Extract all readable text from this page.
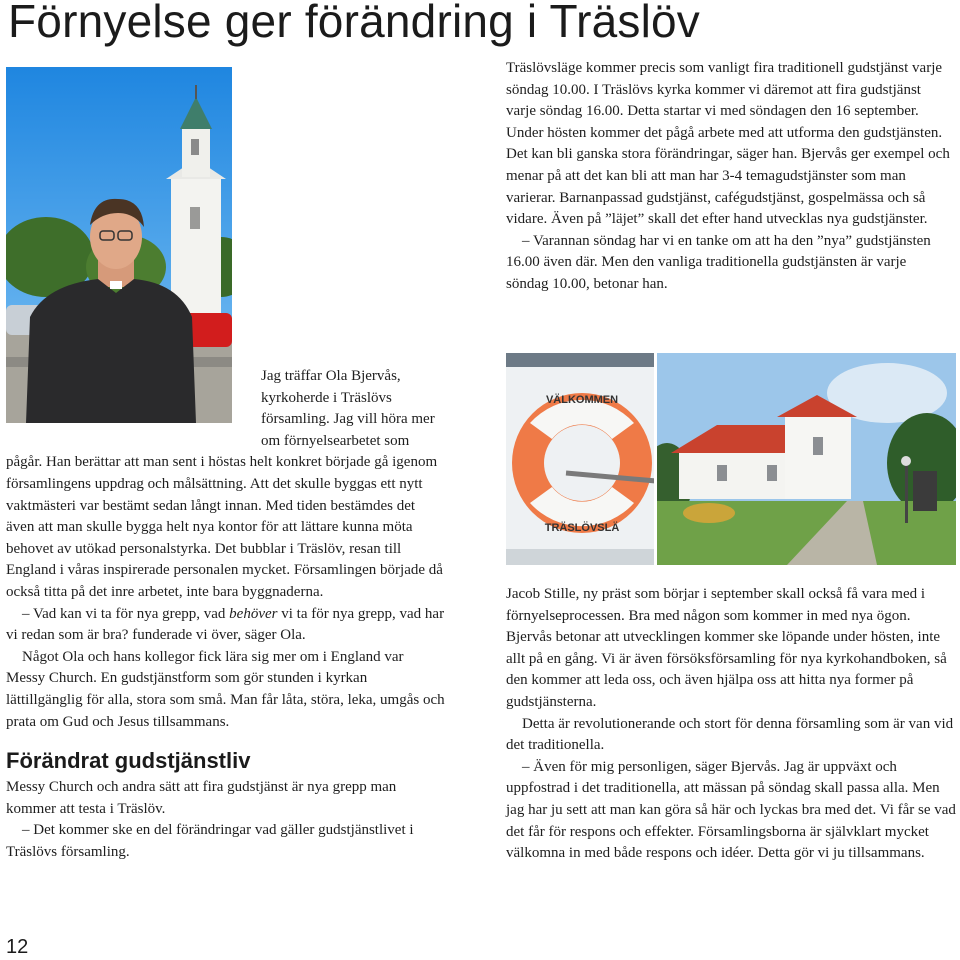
Förnyelse ger förändring i Träslöv
VÄLKOMMEN
TRÄSLÖVSLÄ

Träslövsläge kommer precis som vanligt fira traditionell gudstjänst varje söndag 10.00. I Träslövs kyrka kommer vi däremot att fira gudstjänst varje söndag 16.00. Detta startar vi med söndagen den 16 september. Under hösten kommer det pågå arbete med att utforma den gudstjänsten. Det kan bli ganska stora förändringar, säger han. Bjervås ger exempel och menar på att det kan bli att man har 3-4 temagudstjänster som man varierar. Barnanpassad gudstjänst, cafégudstjänst, gospelmässa och så vidare. Även på ”läjet” skall det efter hand utvecklas nya gudstjänster.

– Varannan söndag har vi en tanke om att ha den ”nya” gudstjänsten 16.00 även där. Men den vanliga traditionella gudstjänsten är varje söndag 10.00, betonar han.

Jag träffar Ola Bjervås, kyrkoherde i Träslövs församling. Jag vill höra mer om förnyelsearbetet som pågår. Han berättar att man sent i höstas helt konkret började gå igenom församlingens uppdrag och målsättning. Att det skulle byggas ett nytt vaktmästeri var bestämt sedan långt innan. Med tiden bestämdes det även att man skulle bygga helt nya kontor för att lättare kunna möta behovet av utökad personalstyrka. Det bubblar i Träslöv, resan till England i våras inspirerade personalen mycket. Församlingen började då också titta på det inre arbetet, inte bara byggnaderna.

– Vad kan vi ta för nya grepp, vad behöver vi ta för nya grepp, vad har vi redan som är bra? funderade vi över, säger Ola.

Något Ola och hans kollegor fick lära sig mer om i England var Messy Church. En gudstjänstform som gör stunden i kyrkan lättillgänglig för alla, stora som små. Man får låta, störa, leka, umgås och prata om Gud och Jesus tillsammans.

Förändrat gudstjänstliv

Messy Church och andra sätt att fira gudstjänst är nya grepp man kommer att testa i Träslöv.

– Det kommer ske en del förändringar vad gäller gudstjänstlivet i Träslövs församling.

Jacob Stille, ny präst som börjar i september skall också få vara med i förnyelseprocessen. Bra med någon som kommer in med nya ögon. Bjervås betonar att utvecklingen kommer ske löpande under hösten, inte allt på en gång. Vi är även försöksförsamling för nya kyrkohandboken, så den kommer att leda oss, och även hjälpa oss att hitta nya former på gudstjänsterna.

Detta är revolutionerande och stort för denna församling som är van vid det traditionella.

– Även för mig personligen, säger Bjervås. Jag är uppväxt och uppfostrad i det traditionella, att mässan på söndag skall passa alla. Men jag har ju sett att man kan göra så här och lyckas bra med det. Vi får se vad det får för respons och effekter. Församlingsborna är självklart mycket välkomna in med både respons och idéer. Detta gör vi ju tillsammans.

12
